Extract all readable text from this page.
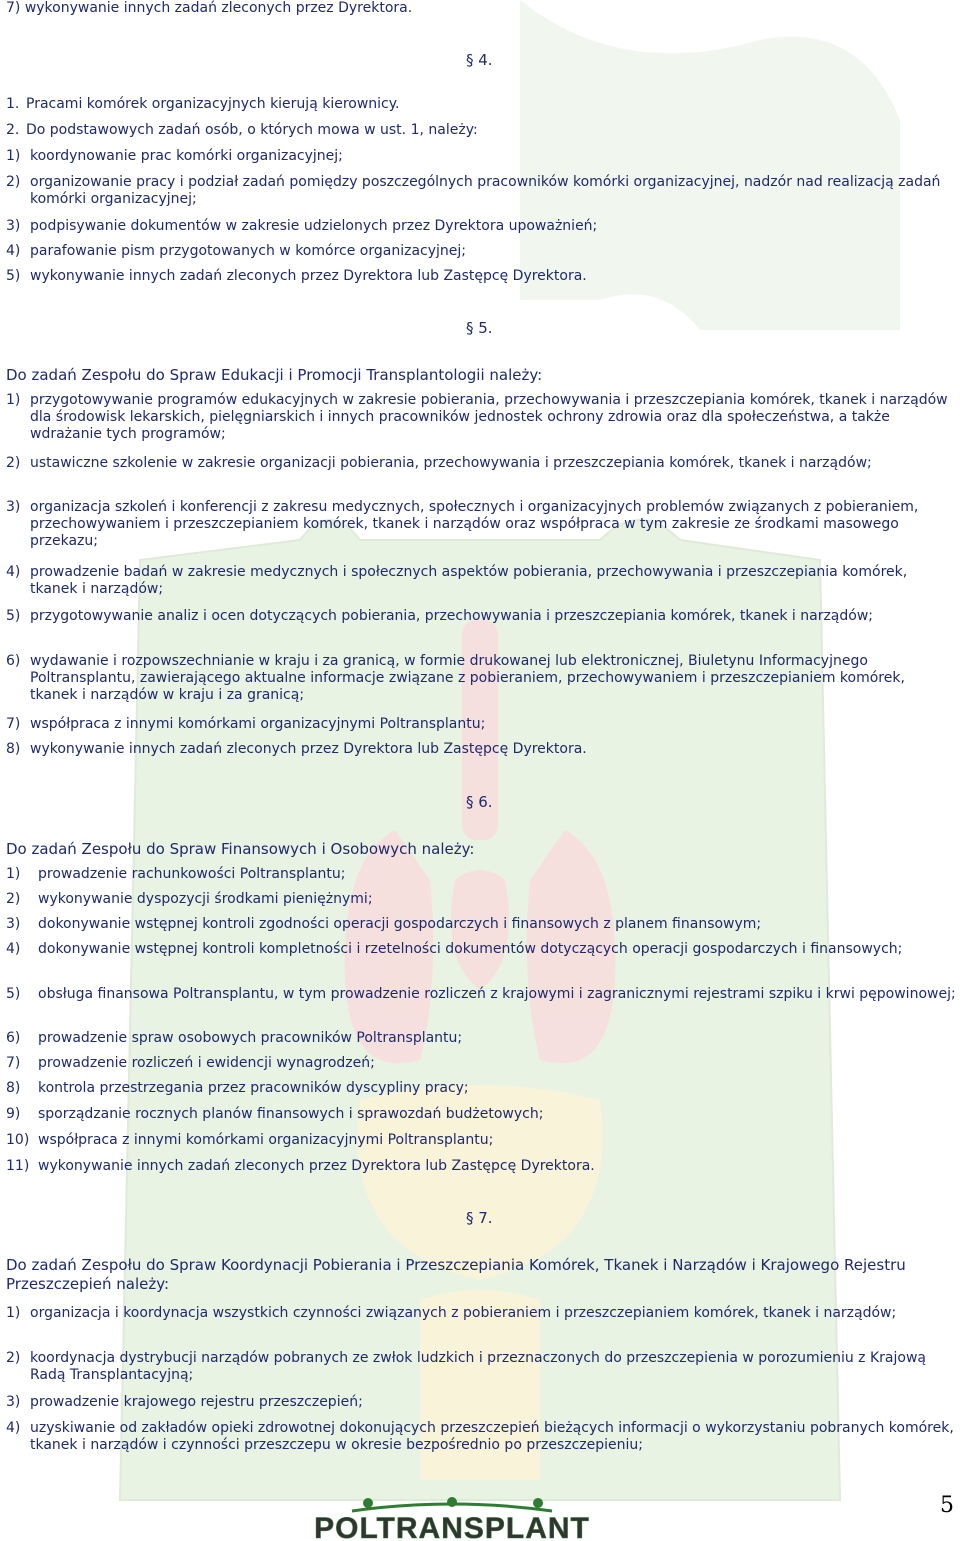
7) wykonywanie innych zadań zleconych przez Dyrektora.
§ 4.
1. Pracami komórek organizacyjnych kierują kierownicy.
2. Do podstawowych zadań osób, o których mowa w ust. 1, należy:
1) koordynowanie prac komórki organizacyjnej;
2) organizowanie pracy i podział zadań pomiędzy poszczególnych pracowników komórki organizacyjnej, nadzór nad realizacją zadań komórki organizacyjnej;
3) podpisywanie dokumentów w zakresie udzielonych przez Dyrektora upoważnień;
4) parafowanie pism przygotowanych w komórce organizacyjnej;
5) wykonywanie innych zadań zleconych przez Dyrektora lub Zastępcę Dyrektora.
§ 5.
Do zadań Zespołu do Spraw Edukacji i Promocji Transplantologii należy:
1) przygotowywanie programów edukacyjnych w zakresie pobierania, przechowywania i przeszczepiania komórek, tkanek i narządów dla środowisk lekarskich, pielęgniarskich i innych pracowników jednostek ochrony zdrowia oraz dla społeczeństwa, a także wdrażanie tych programów;
2) ustawiczne szkolenie w zakresie organizacji pobierania, przechowywania i przeszczepiania komórek, tkanek i narządów;
3) organizacja szkoleń i konferencji z zakresu medycznych, społecznych i organizacyjnych problemów związanych z pobieraniem, przechowywaniem i przeszczepianiem komórek, tkanek i narządów oraz współpraca w tym zakresie ze środkami masowego przekazu;
4) prowadzenie badań w zakresie medycznych i społecznych aspektów pobierania, przechowywania i przeszczepiania komórek, tkanek i narządów;
5) przygotowywanie analiz i ocen dotyczących pobierania, przechowywania i przeszczepiania komórek, tkanek i narządów;
6) wydawanie i rozpowszechnianie w kraju i za granicą, w formie drukowanej lub elektronicznej, Biuletynu Informacyjnego Poltransplantu, zawierającego aktualne informacje związane z pobieraniem, przechowywaniem i przeszczepianiem komórek, tkanek i narządów w kraju i za granicą;
7) współpraca z innymi komórkami organizacyjnymi Poltransplantu;
8) wykonywanie innych zadań zleconych przez Dyrektora lub Zastępcę Dyrektora.
§ 6.
Do zadań Zespołu do Spraw Finansowych i Osobowych należy:
1)	prowadzenie rachunkowości Poltransplantu;
2)	wykonywanie dyspozycji środkami pieniężnymi;
3)	dokonywanie wstępnej kontroli zgodności operacji gospodarczych i finansowych z planem finansowym;
4)	dokonywanie wstępnej kontroli kompletności i rzetelności dokumentów dotyczących operacji gospodarczych i finansowych;
5)	obsługa finansowa Poltransplantu, w tym prowadzenie rozliczeń z krajowymi i zagranicznymi rejestrami szpiku i krwi pępowinowej;
6)	prowadzenie spraw osobowych pracowników Poltransplantu;
7)	prowadzenie rozliczeń i ewidencji wynagrodzeń;
8)	kontrola przestrzegania przez pracowników dyscypliny pracy;
9)	sporządzanie rocznych planów finansowych i sprawozdań budżetowych;
10) współpraca z innymi komórkami organizacyjnymi Poltransplantu;
11) wykonywanie innych zadań zleconych przez Dyrektora lub Zastępcę Dyrektora.
§ 7.
Do zadań Zespołu do Spraw Koordynacji Pobierania i Przeszczepiania Komórek, Tkanek i Narządów i Krajowego Rejestru Przeszczepień należy:
1) organizacja i koordynacja wszystkich czynności związanych z pobieraniem i przeszczepianiem komórek, tkanek i narządów;
2) koordynacja dystrybucji narządów pobranych ze zwłok ludzkich i przeznaczonych do przeszczepienia w porozumieniu z Krajową Radą Transplantacyjną;
3) prowadzenie krajowego rejestru przeszczepień;
4) uzyskiwanie od zakładów opieki zdrowotnej dokonujących przeszczepień bieżących informacji o wykorzystaniu pobranych komórek, tkanek i narządów i czynności przeszczepu w okresie bezpośrednio po przeszczepieniu;
POLTRANSPLANT
5
